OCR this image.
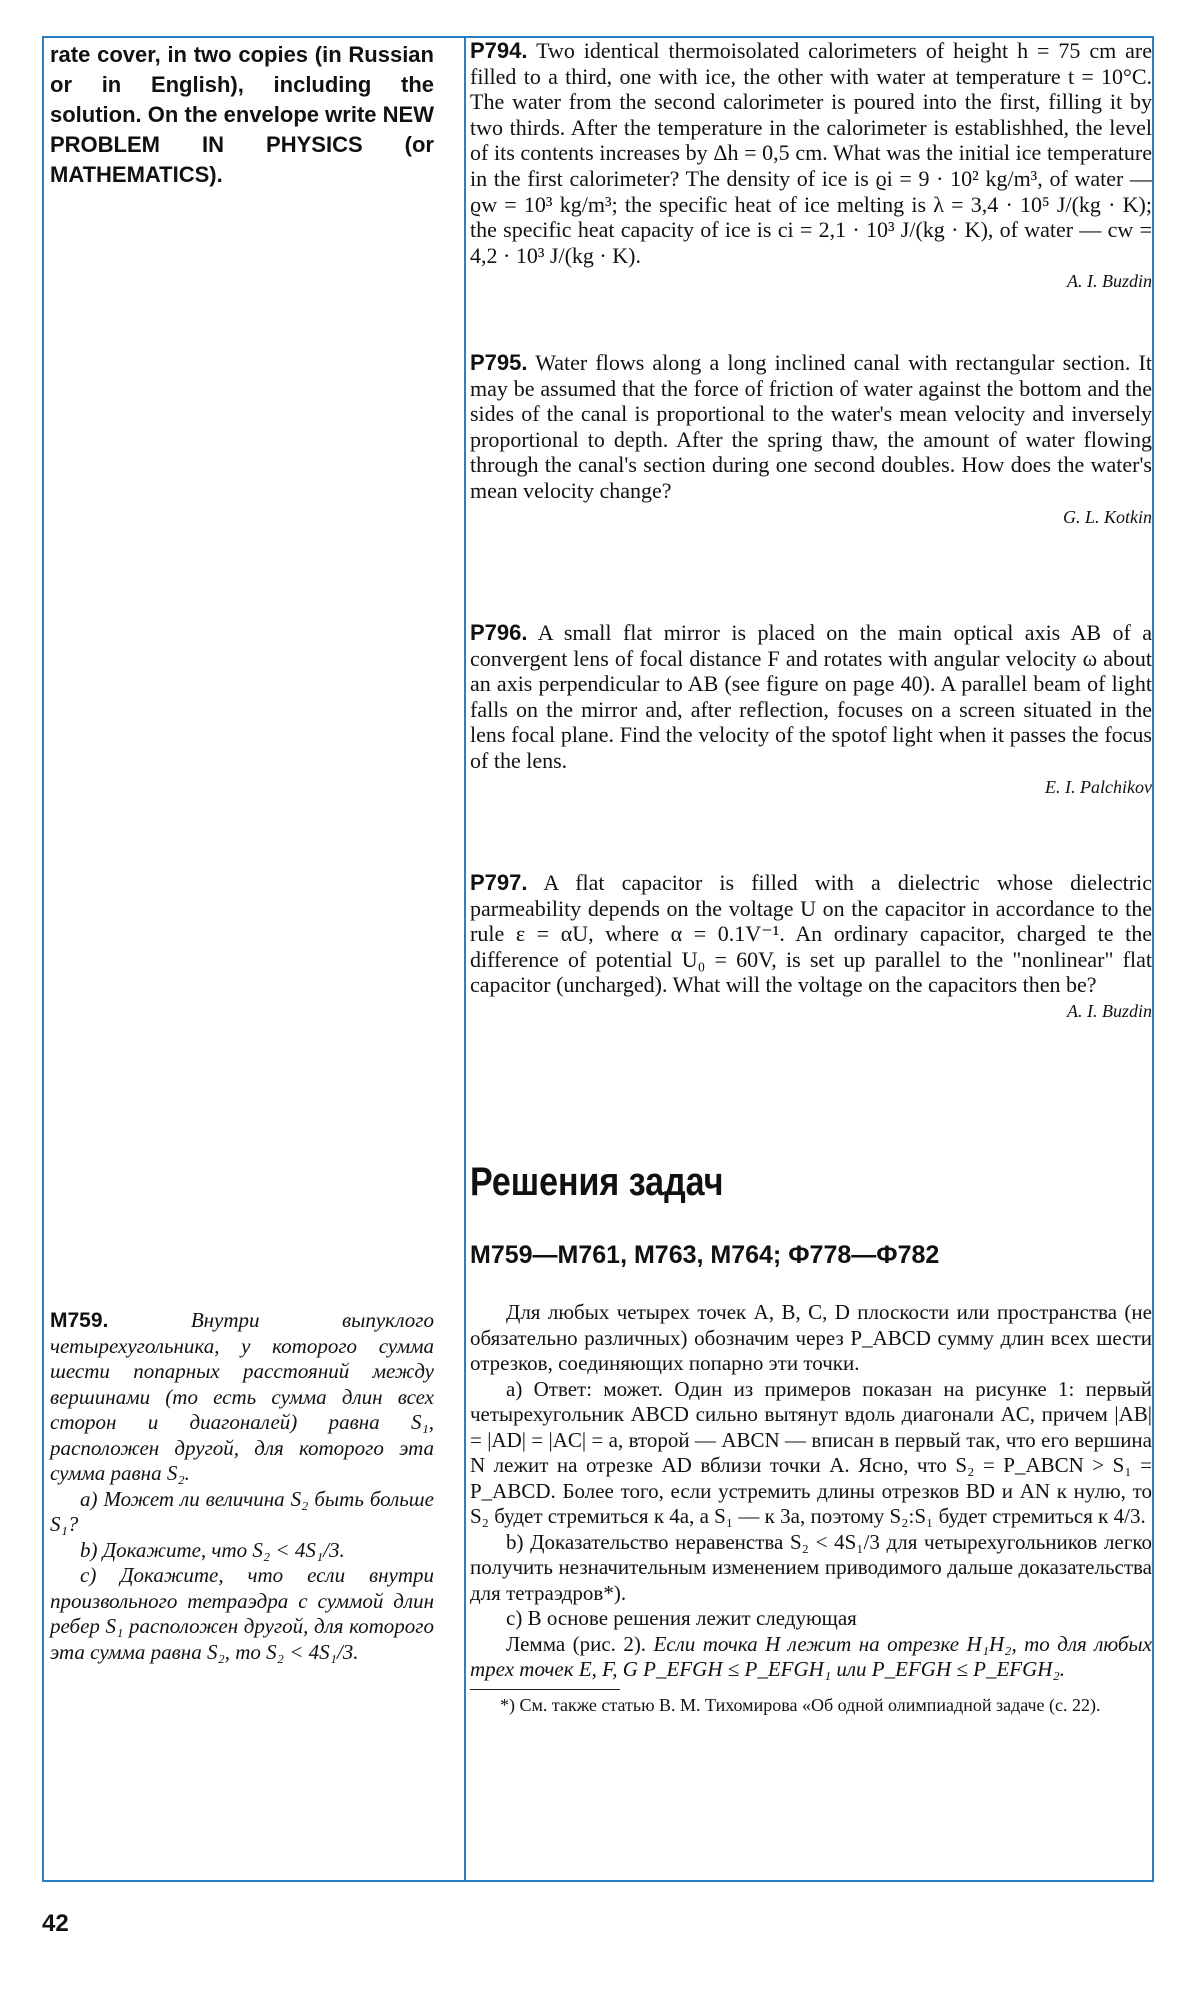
rate cover, in two copies (in Russian or in English), including the solution. On the envelope write NEW PROBLEM IN PHYSICS (or MATHEMATICS).

М759.	Внутри выпуклого четырехугольника, у которого сумма шести попарных расстояний между вершинами (то есть сумма длин всех сторон и диагоналей) равна S₁, расположен другой, для которого эта сумма равна S₂.

а) Может ли величина S₂ быть больше S₁?

b) Докажите, что S₂ < 4S₁/3.

с) Докажите, что если внутри произвольного тетраэдра с суммой длин ребер S₁ расположен другой, для которого эта сумма равна S₂, то S₂ < 4S₁/3.

P794. Two identical thermoisolated calorimeters of height h = 75 cm are filled to a third, one with ice, the other with water at temperature t = 10°C. The water from the second calorimeter is poured into the first, filling it by two thirds. After the temperature in the calorimeter is establishhed, the level of its contents increases by Δh = 0,5 cm. What was the initial ice temperature in the first calorimeter? The density of ice is ϱi = 9 · 10² kg/m³, of water — ϱw = 10³ kg/m³; the specific heat of ice melting is λ = 3,4 · 10⁵ J/(kg · K); the specific heat capacity of ice is ci = 2,1 · 10³ J/(kg · K), of water — cw = 4,2 · 10³ J/(kg · K).
A. I. Buzdin
P795. Water flows along a long inclined canal with rectangular section. It may be assumed that the force of friction of water against the bottom and the sides of the canal is proportional to the water's mean velocity and inversely proportional to depth. After the spring thaw, the amount of water flowing through the canal's section during one second doubles. How does the water's mean velocity change?
G. L. Kotkin
P796. A small flat mirror is placed on the main optical axis AB of a convergent lens of focal distance F and rotates with angular velocity ω about an axis perpendicular to AB (see figure on page 40). A parallel beam of light falls on the mirror and, after reflection, focuses on a screen situated in the lens focal plane. Find the velocity of the spotof light when it passes the focus of the lens.
E. I. Palchikov
P797. A flat capacitor is filled with a dielectric whose dielectric parmeability depends on the voltage U on the capacitor in accordance to the rule ε = αU, where α = 0.1V⁻¹. An ordinary capacitor, charged te the difference of potential U₀ = 60V, is set up parallel to the "nonlinear" flat capacitor (uncharged). What will the voltage on the capacitors then be?
A. I. Buzdin
Решения задач
М759—М761, М763, М764; Ф778—Ф782

Для любых четырех точек A, B, C, D плоскости или пространства (не обязательно различных) обозначим через P_ABCD сумму длин всех шести отрезков, соединяющих попарно эти точки.

а) Ответ: может. Один из примеров показан на рисунке 1: первый четырехугольник ABCD сильно вытянут вдоль диагонали AC, причем |AB| = |AD| = |AC| = a, второй — ABCN — вписан в первый так, что его вершина N лежит на отрезке AD вблизи точки A. Ясно, что S₂ = P_ABCN > S₁ = P_ABCD. Более того, если устремить длины отрезков BD и AN к нулю, то S₂ будет стремиться к 4a, а S₁ — к 3a, поэтому S₂:S₁ будет стремиться к 4/3.

b) Доказательство неравенства S₂ < 4S₁/3 для четырехугольников легко получить незначительным изменением приводимого дальше доказательства для тетраэдров*).

с) В основе решения лежит следующая

Лемма (рис. 2). Если точка H лежит на отрезке H₁H₂, то для любых трех точек E, F, G P_EFGH ≤ P_EFGH₁ или P_EFGH ≤ P_EFGH₂.

*) См. также статью В. М. Тихомирова «Об одной олимпиадной задаче (с. 22).
42
